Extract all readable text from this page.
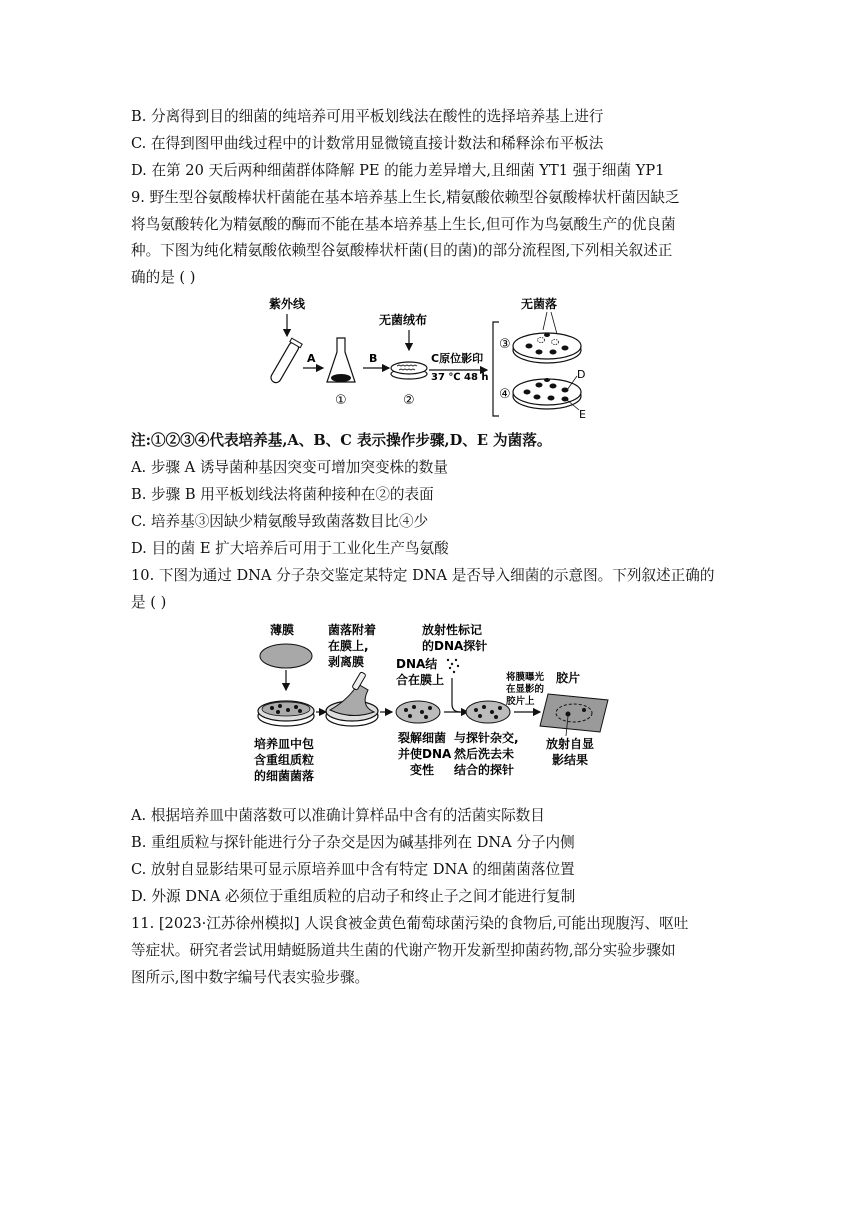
B. 分离得到目的细菌的纯培养可用平板划线法在酸性的选择培养基上进行
C. 在得到图甲曲线过程中的计数常用显微镜直接计数法和稀释涂布平板法
D. 在第 20 天后两种细菌群体降解 PE 的能力差异增大,且细菌 YT1 强于细菌 YP1
9. 野生型谷氨酸棒状杆菌能在基本培养基上生长,精氨酸依赖型谷氨酸棒状杆菌因缺乏
将鸟氨酸转化为精氨酸的酶而不能在基本培养基上生长,但可作为鸟氨酸生产的优良菌
种。下图为纯化精氨酸依赖型谷氨酸棒状杆菌(目的菌)的部分流程图,下列相关叙述正
确的是 ( )
紫外线
A
①
B
无菌绒布
②
C原位影印
37 ℃ 48 h
无菌落
③
④
D
E
注:①②③④代表培养基,A、B、C 表示操作步骤,D、E 为菌落。
A. 步骤 A 诱导菌种基因突变可增加突变株的数量
B. 步骤 B 用平板划线法将菌种接种在②的表面
C. 培养基③因缺少精氨酸导致菌落数目比④少
D. 目的菌 E 扩大培养后可用于工业化生产鸟氨酸
10. 下图为通过 DNA 分子杂交鉴定某特定 DNA 是否导入细菌的示意图。下列叙述正确的
是 ( )
薄膜
培养皿中包
含重组质粒
的细菌菌落
菌落附着
在膜上,
剥离膜	DNA结
合在膜上
裂解细菌
并使DNA
变性
放射性标记
的DNA探针
与探针杂交,
然后洗去未
结合的探针
将膜曝光
在显影的
胶片上
胶片
放射自显
影结果
A. 根据培养皿中菌落数可以准确计算样品中含有的活菌实际数目
B. 重组质粒与探针能进行分子杂交是因为碱基排列在 DNA 分子内侧
C. 放射自显影结果可显示原培养皿中含有特定 DNA 的细菌菌落位置
D. 外源 DNA 必须位于重组质粒的启动子和终止子之间才能进行复制
11. [2023·江苏徐州模拟] 人误食被金黄色葡萄球菌污染的食物后,可能出现腹泻、呕吐
等症状。研究者尝试用蜻蜓肠道共生菌的代谢产物开发新型抑菌药物,部分实验步骤如
图所示,图中数字编号代表实验步骤。
